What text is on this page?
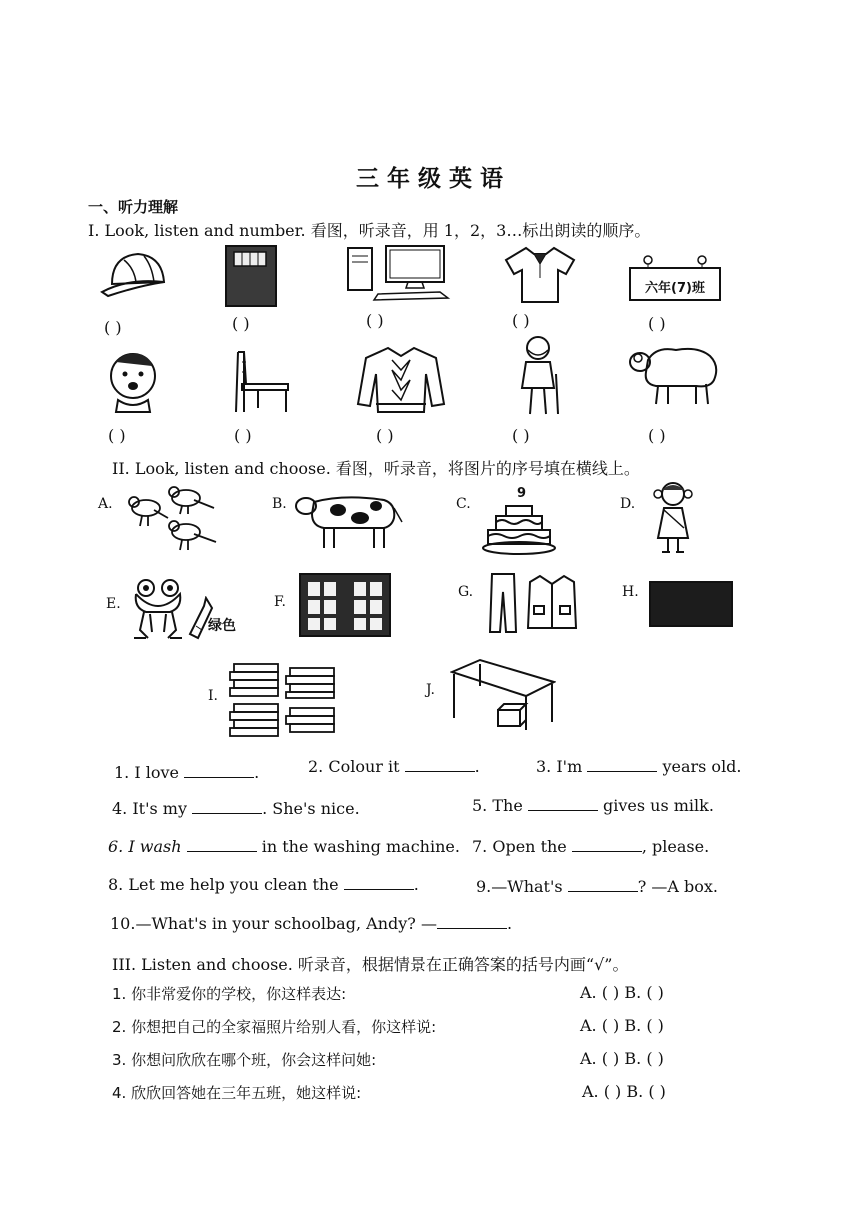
三年级英语
一、听力理解
I. Look, listen and number. 看图，听录音，用 1，2，3…标出朗读的顺序。
六年(7)班
( )	( )	( )	( )	( )
( )	( )	( )	( )	( )
II. Look, listen and choose. 看图，听录音，将图片的序号填在横线上。
A.	B.	C.
9
D.
E.
绿色
F.
G.	H.
I.	J.
1. I love	.	2. Colour it	.	3. I'm	years old.
4. It's my	. She's nice.	5. The	gives us milk.
6. I wash	in the washing machine. 7. Open the	, please.
8. Let me help you clean the	.	9.—What's	? —A box.
10.—What's in your schoolbag, Andy? —	.
III. Listen and choose. 听录音，根据情景在正确答案的括号内画“√”。
1. 你非常爱你的学校，你这样表达:	A. ( ) B. ( )
2. 你想把自己的全家福照片给别人看，你这样说:	A. ( ) B. ( )
3. 你想问欣欣在哪个班，你会这样问她:	A. ( ) B. ( )
4. 欣欣回答她在三年五班，她这样说:	A. ( ) B. ( )
